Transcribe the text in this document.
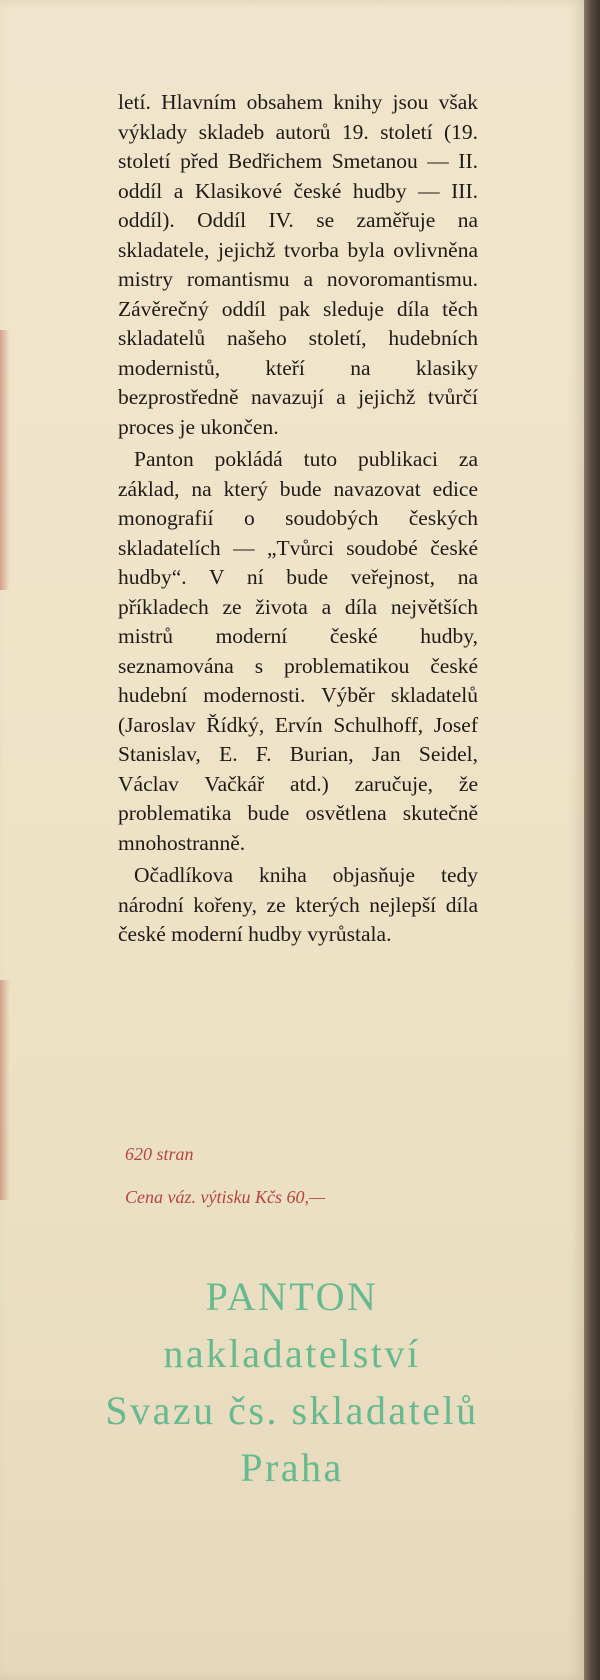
letí. Hlavním obsahem knihy jsou však výklady skladeb autorů 19. století (19. století před Bedřichem Smetanou — II. oddíl a Klasikové české hudby — III. oddíl). Oddíl IV. se zaměřuje na skladatele, jejichž tvorba byla ovlivněna mistry romantismu a novoromantismu. Závěrečný oddíl pak sleduje díla těch skladatelů našeho století, hudebních modernistů, kteří na klasiky bezprostředně navazují a jejichž tvůrčí proces je ukončen.

Panton pokládá tuto publikaci za základ, na který bude navazovat edice monografií o soudobých českých skladatelích — „Tvůrci soudobé české hudby“. V ní bude veřejnost, na příkladech ze života a díla největších mistrů moderní české hudby, seznamována s problematikou české hudební modernosti. Výběr skladatelů (Jaroslav Řídký, Ervín Schulhoff, Josef Stanislav, E. F. Burian, Jan Seidel, Václav Vačkář atd.) zaručuje, že problematika bude osvětlena skutečně mnohostranně.

Očadlíkova kniha objasňuje tedy národní kořeny, ze kterých nejlepší díla české moderní hudby vyrůstala.

620 stran

Cena váz. výtisku Kčs 60,—

PANTON
nakladatelství
Svazu čs. skladatelů
Praha
